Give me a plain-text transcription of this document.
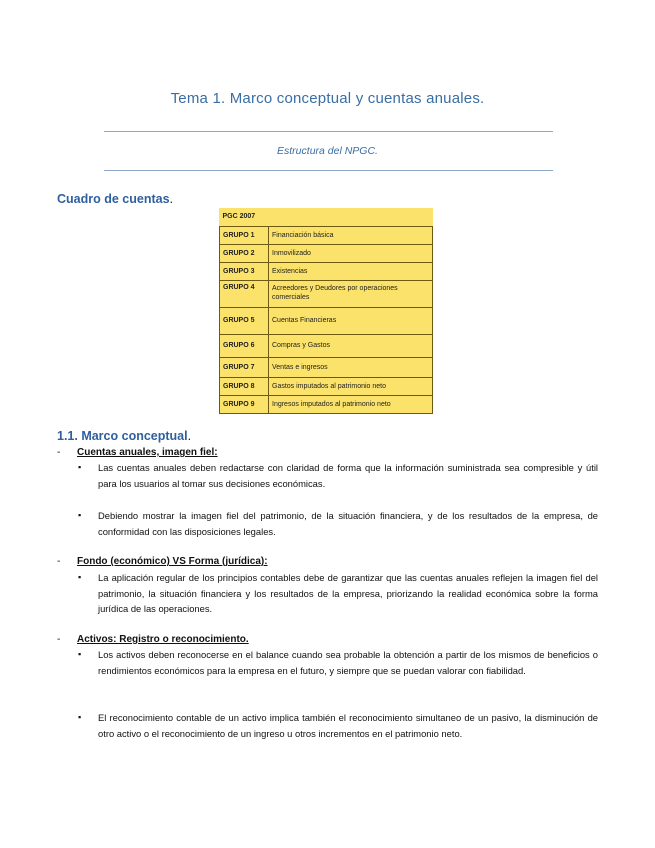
Tema 1. Marco conceptual y cuentas anuales.
Estructura del NPGC.
Cuadro de cuentas.
PGC 2007	
GRUPO 1	Financiación básica
GRUPO 2	Inmovilizado
GRUPO 3	Existencias
GRUPO 4	Acreedores y Deudores por operaciones comerciales
GRUPO 5	Cuentas Financieras
GRUPO 6	Compras y Gastos
GRUPO 7	Ventas e ingresos
GRUPO 8	Gastos imputados al patrimonio neto
GRUPO 9	Ingresos imputados al patrimonio neto
1.1. Marco conceptual.
- Cuentas anuales, imagen fiel:
▪ Las cuentas anuales deben redactarse con claridad de forma que la información suministrada sea compresible y útil para los usuarios al tomar sus decisiones económicas.
▪ Debiendo mostrar la imagen fiel del patrimonio, de la situación financiera, y de los resultados de la empresa, de conformidad con las disposiciones legales.
- Fondo (económico) VS Forma (jurídica):
▪ La aplicación regular de los principios contables debe de garantizar que las cuentas anuales reflejen la imagen fiel del patrimonio, la situación financiera y los resultados de la empresa, priorizando la realidad económica sobre la forma jurídica de las operaciones.
- Activos: Registro o reconocimiento.
▪ Los activos deben reconocerse en el balance cuando sea probable la obtención a partir de los mismos de beneficios o rendimientos económicos para la empresa en el futuro, y siempre que se puedan valorar con fiabilidad.
▪ El reconocimiento contable de un activo implica también el reconocimiento simultaneo de un pasivo, la disminución de otro activo o el reconocimiento de un ingreso u otros incrementos en el patrimonio neto.
